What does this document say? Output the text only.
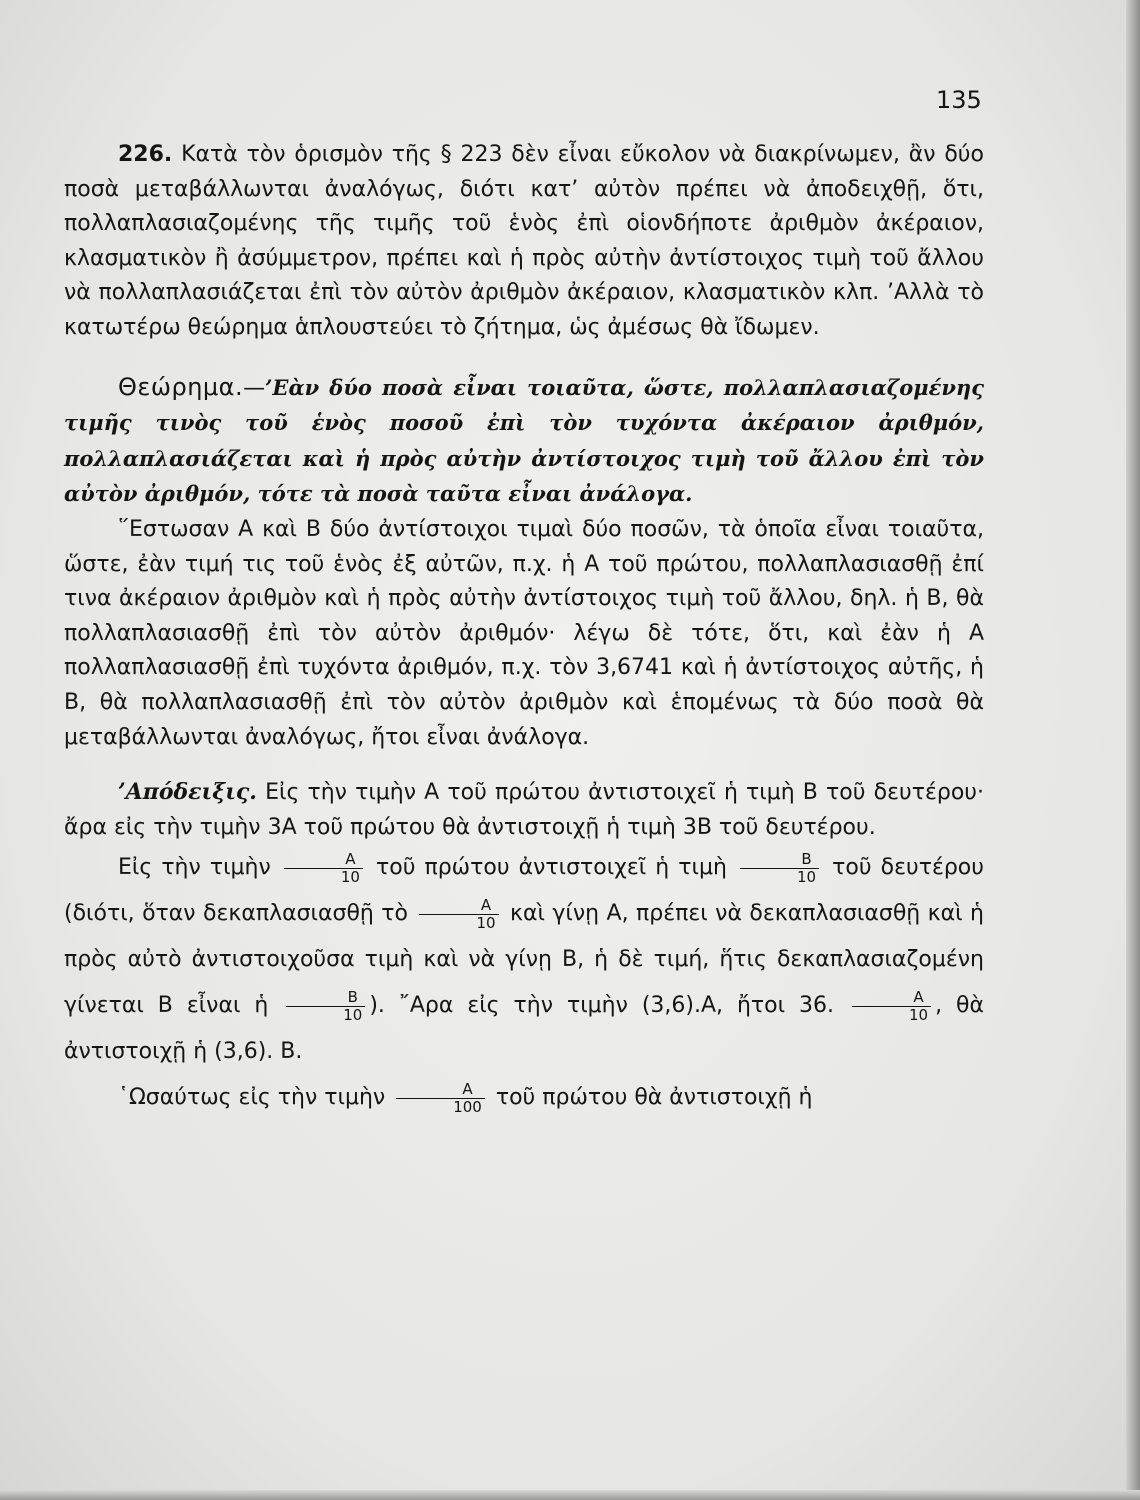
135

226. Κατὰ τὸν ὁρισμὸν τῆς § 223 δὲν εἶναι εὔκολον νὰ διακρίνωμεν, ἂν δύο ποσὰ μεταβάλλωνται ἀναλόγως, διότι κατ’ αὐτὸν πρέπει νὰ ἀποδειχθῇ, ὅτι, πολλαπλασιαζομένης τῆς τιμῆς τοῦ ἑνὸς ἐπὶ οἱονδήποτε ἀριθμὸν ἀκέραιον, κλασματικὸν ἢ ἀσύμμετρον, πρέπει καὶ ἡ πρὸς αὐτὴν ἀντίστοιχος τιμὴ τοῦ ἄλλου νὰ πολλαπλασιάζεται ἐπὶ τὸν αὐτὸν ἀριθμὸν ἀκέραιον, κλασματικὸν κλπ. ’Αλλὰ τὸ κατωτέρω θεώρημα ἁπλουστεύει τὸ ζήτημα, ὡς ἀμέσως θὰ ἴδωμεν.

Θεώρημα.—’Εὰν δύο ποσὰ εἶναι τοιαῦτα, ὥστε, πολλαπλασιαζομένης τιμῆς τινὸς τοῦ ἑνὸς ποσοῦ ἐπὶ τὸν τυχόντα ἀκέραιον ἀριθμόν, πολλαπλασιάζεται καὶ ἡ πρὸς αὐτὴν ἀντίστοιχος τιμὴ τοῦ ἄλλου ἐπὶ τὸν αὐτὸν ἀριθμόν, τότε τὰ ποσὰ ταῦτα εἶναι ἀνάλογα.

῞Εστωσαν Α καὶ Β δύο ἀντίστοιχοι τιμαὶ δύο ποσῶν, τὰ ὁποῖα εἶναι τοιαῦτα, ὥστε, ἐὰν τιμή τις τοῦ ἑνὸς ἐξ αὐτῶν, π.χ. ἡ Α τοῦ πρώτου, πολλαπλασιασθῇ ἐπί τινα ἀκέραιον ἀριθμὸν καὶ ἡ πρὸς αὐτὴν ἀντίστοιχος τιμὴ τοῦ ἄλλου, δηλ. ἡ Β, θὰ πολλαπλασιασθῇ ἐπὶ τὸν αὐτὸν ἀριθμόν· λέγω δὲ τότε, ὅτι, καὶ ἐὰν ἡ Α πολλαπλασιασθῇ ἐπὶ τυχόντα ἀριθμόν, π.χ. τὸν 3,6741 καὶ ἡ ἀντίστοιχος αὐτῆς, ἡ Β, θὰ πολλαπλασιασθῇ ἐπὶ τὸν αὐτὸν ἀριθμὸν καὶ ἑπομένως τὰ δύο ποσὰ θὰ μεταβάλλωνται ἀναλόγως, ἤτοι εἶναι ἀνάλογα.

’Απόδειξις. Εἰς τὴν τιμὴν Α τοῦ πρώτου ἀντιστοιχεῖ ἡ τιμὴ Β τοῦ δευτέρου· ἄρα εἰς τὴν τιμὴν 3Α τοῦ πρώτου θὰ ἀντιστοιχῇ ἡ τιμὴ 3Β τοῦ δευτέρου.

Εἰς τὴν τιμὴν $\frac{A}{10}$ τοῦ πρώτου ἀντιστοιχεῖ ἡ τιμὴ $\frac{B}{10}$ τοῦ δευτέρου (διότι, ὅταν δεκαπλασιασθῇ τὸ $\frac{A}{10}$ καὶ γίνῃ Α, πρέπει νὰ δεκαπλασιασθῇ καὶ ἡ πρὸς αὐτὸ ἀντιστοιχοῦσα τιμὴ καὶ νὰ γίνῃ Β, ἡ δὲ τιμή, ἥτις δεκαπλασιαζομένη γίνεται Β εἶναι ἡ $\frac{B}{10}$ ). ῎Αρα εἰς τὴν τιμὴν (3,6).Α, ἤτοι 36. $\frac{A}{10}$ , θὰ ἀντιστοιχῇ ἡ (3,6). Β.

῾Ωσαύτως εἰς τὴν τιμὴν $\frac{A}{100}$ τοῦ πρώτου θὰ ἀντιστοιχῇ ἡ
